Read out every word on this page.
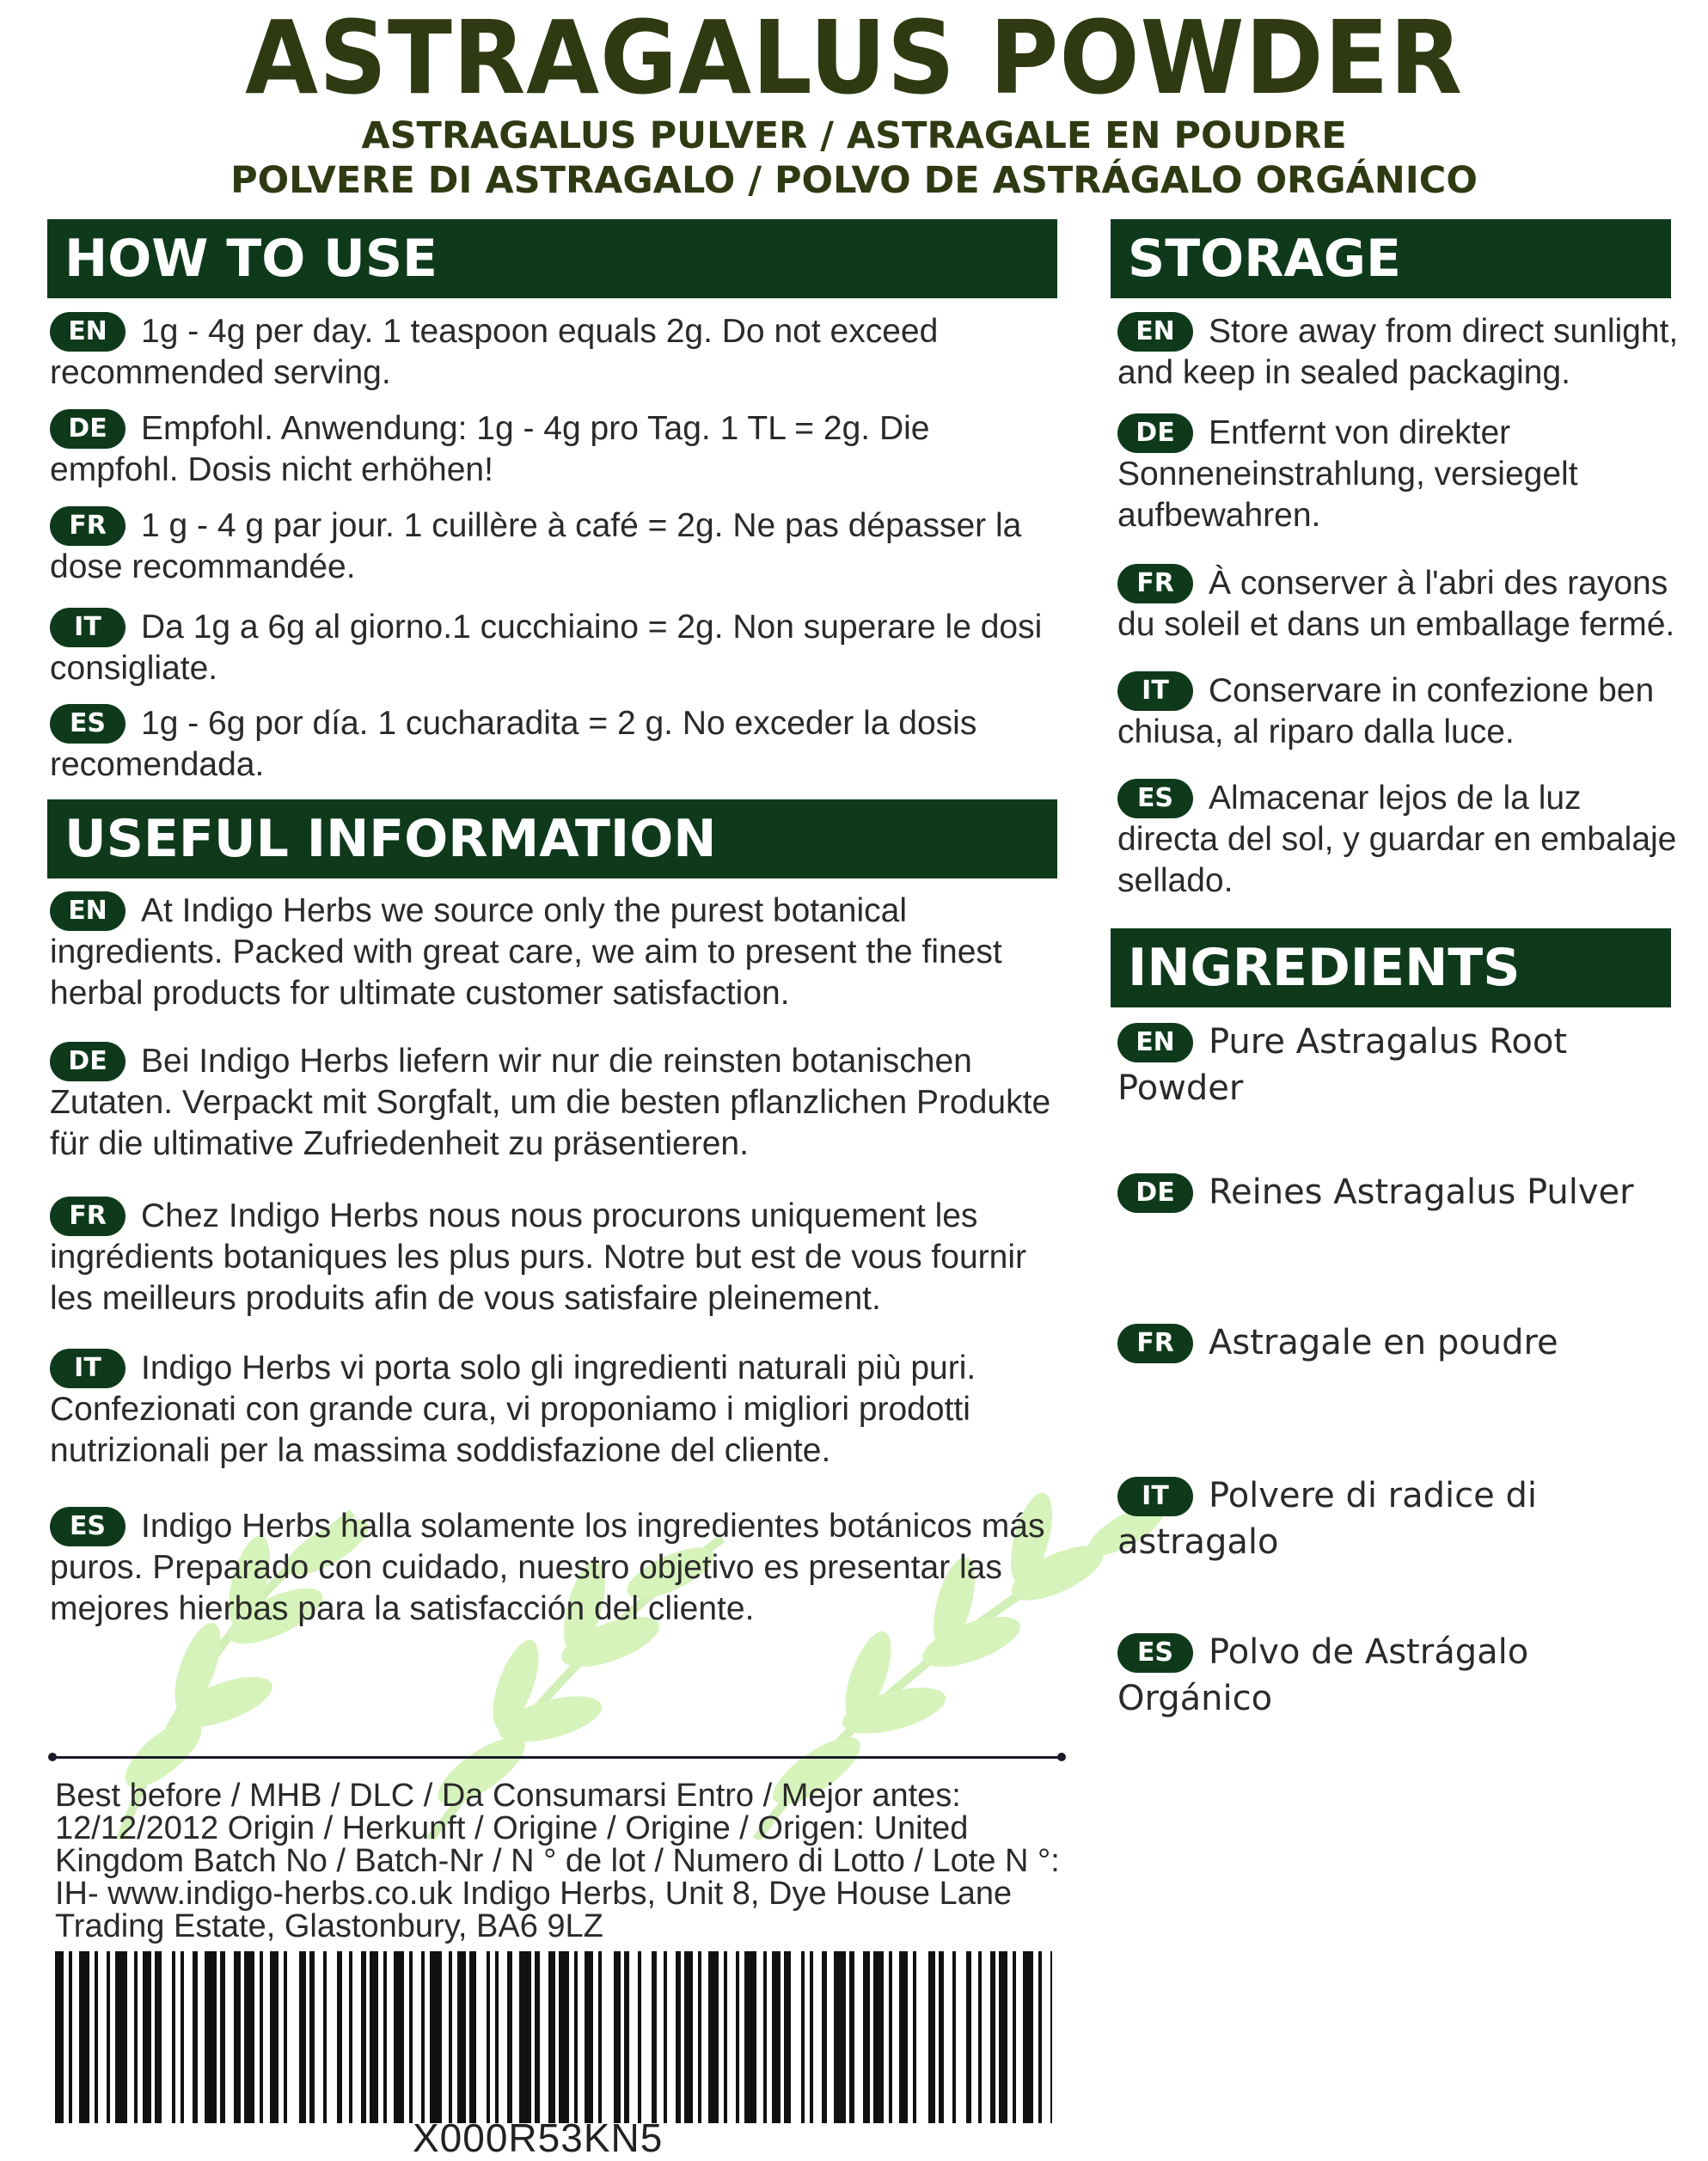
ASTRAGALUS POWDER
ASTRAGALUS PULVER / ASTRAGALE EN POUDRE
POLVERE DI ASTRAGALO / POLVO DE ASTRÁGALO ORGÁNICO
HOW TO USE
EN 1g - 4g per day. 1 teaspoon equals 2g. Do not exceed recommended serving.
DE Empfohl. Anwendung: 1g - 4g pro Tag. 1 TL = 2g. Die empfohl. Dosis nicht erhöhen!
FR 1 g - 4 g par jour. 1 cuillère à café = 2g. Ne pas dépasser la dose recommandée.
IT Da 1g a 6g al giorno.1 cucchiaino = 2g. Non superare le dosi consigliate.
ES 1g - 6g por día. 1 cucharadita = 2 g. No exceder la dosis recomendada.
USEFUL INFORMATION
EN At Indigo Herbs we source only the purest botanical ingredients. Packed with great care, we aim to present the finest herbal products for ultimate customer satisfaction.
DE Bei Indigo Herbs liefern wir nur die reinsten botanischen Zutaten. Verpackt mit Sorgfalt, um die besten pflanzlichen Produkte für die ultimative Zufriedenheit zu präsentieren.
FR Chez Indigo Herbs nous nous procurons uniquement les ingrédients botaniques les plus purs. Notre but est de vous fournir les meilleurs produits afin de vous satisfaire pleinement.
IT Indigo Herbs vi porta solo gli ingredienti naturali più puri. Confezionati con grande cura, vi proponiamo i migliori prodotti nutrizionali per la massima soddisfazione del cliente.
ES Indigo Herbs halla solamente los ingredientes botánicos más puros. Preparado con cuidado, nuestro objetivo es presentar las mejores hierbas para la satisfacción del cliente.
STORAGE
EN Store away from direct sunlight, and keep in sealed packaging.
DE Entfernt von direkter Sonneneinstrahlung, versiegelt aufbewahren.
FR À conserver à l'abri des rayons du soleil et dans un emballage fermé.
IT Conservare in confezione ben chiusa, al riparo dalla luce.
ES Almacenar lejos de la luz directa del sol, y guardar en embalaje sellado.
INGREDIENTS
EN Pure Astragalus Root Powder
DE Reines Astragalus Pulver
FR Astragale en poudre
IT Polvere di radice di astragalo
ES Polvo de Astrágalo Orgánico
Best before / MHB / DLC / Da Consumarsi Entro / Mejor antes: 12/12/2012 Origin / Herkunft / Origine / Origine / Origen: United Kingdom Batch No / Batch-Nr / N ° de lot / Numero di Lotto / Lote N °: IH- www.indigo-herbs.co.uk Indigo Herbs, Unit 8, Dye House Lane Trading Estate, Glastonbury, BA6 9LZ
X000R53KN5
